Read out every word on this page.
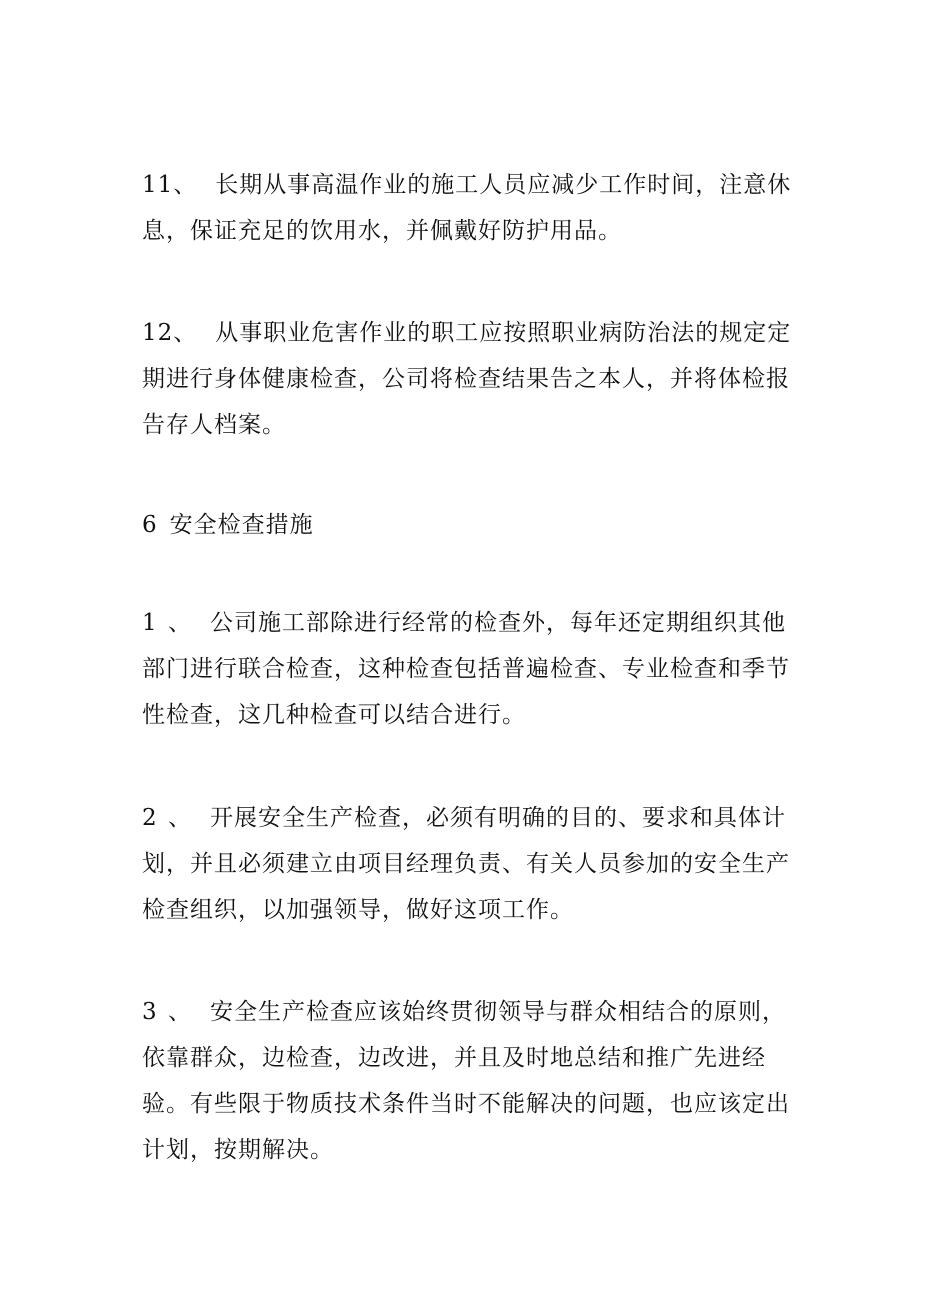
11、 长期从事高温作业的施工人员应减少工作时间，注意休息，保证充足的饮用水，并佩戴好防护用品。

12、 从事职业危害作业的职工应按照职业病防治法的规定定期进行身体健康检查，公司将检查结果告之本人，并将体检报告存人档案。

6 安全检查措施

1 、 公司施工部除进行经常的检查外，每年还定期组织其他部门进行联合检查，这种检查包括普遍检查、专业检查和季节性检查，这几种检查可以结合进行。

2 、 开展安全生产检查，必须有明确的目的、要求和具体计划，并且必须建立由项目经理负责、有关人员参加的安全生产检查组织，以加强领导，做好这项工作。

3 、 安全生产检查应该始终贯彻领导与群众相结合的原则，依靠群众，边检查，边改进，并且及时地总结和推广先进经验。有些限于物质技术条件当时不能解决的问题，也应该定出计划，按期解决。
